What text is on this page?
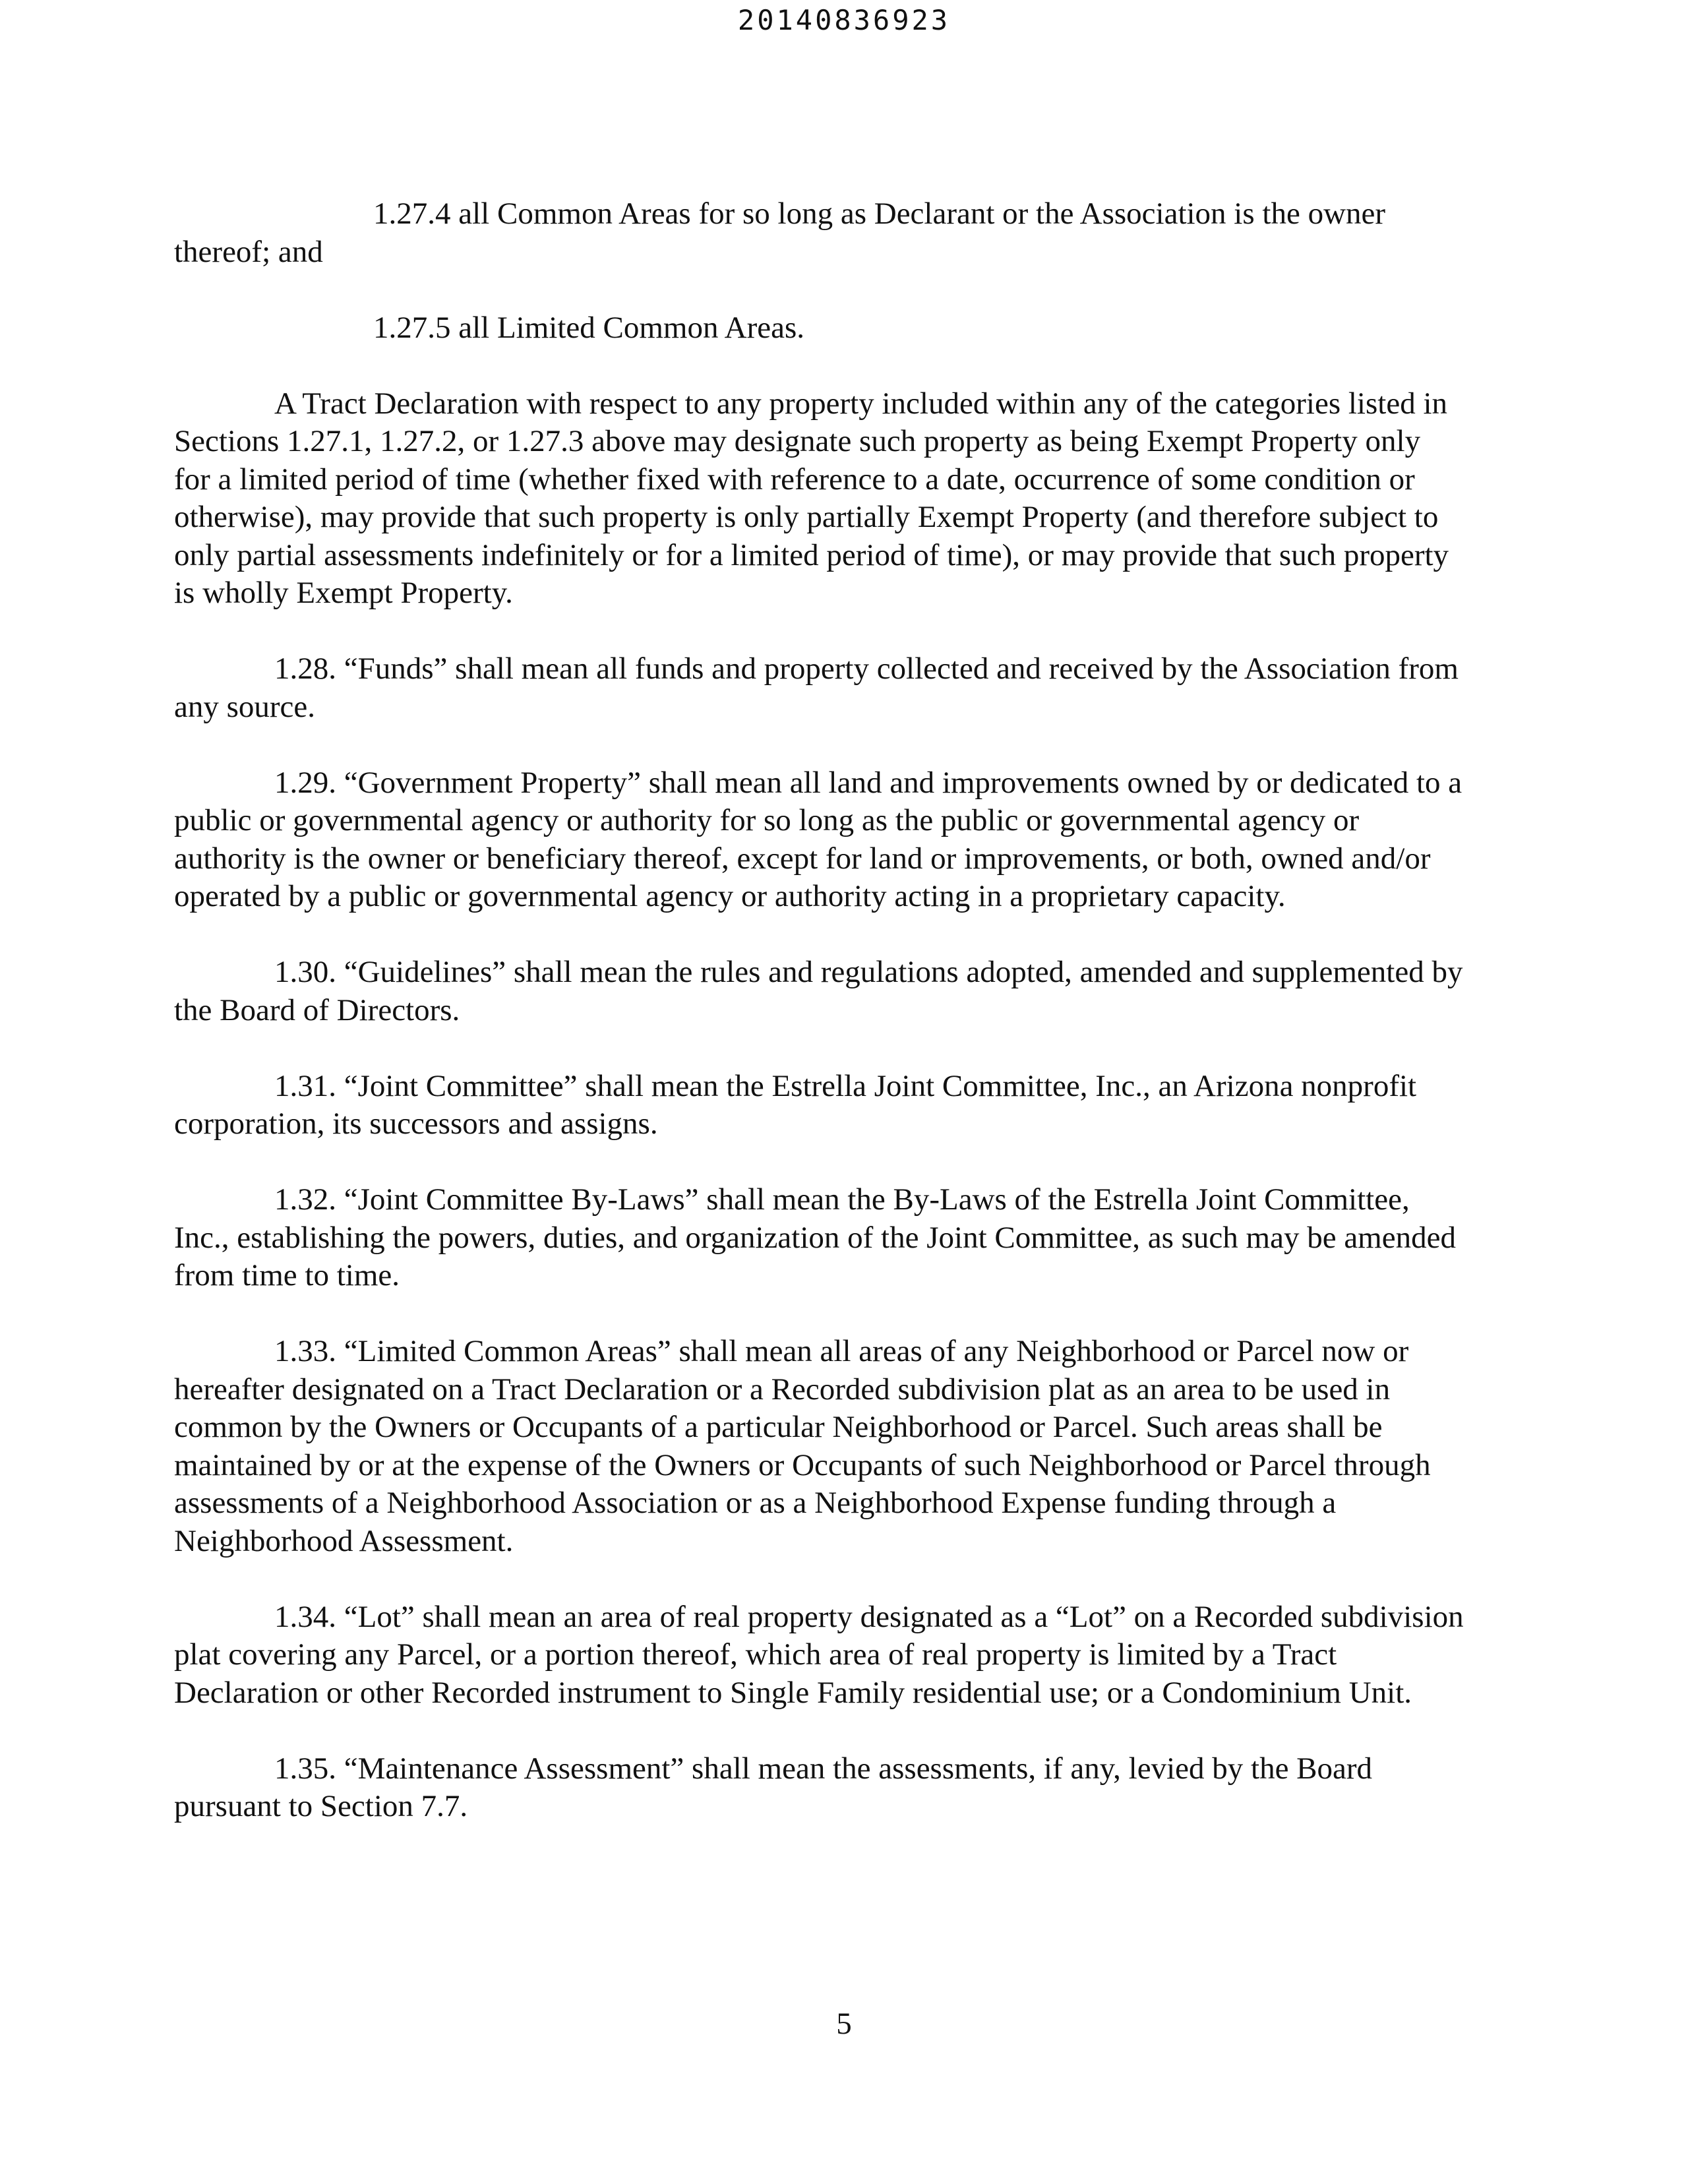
20140836923

1.27.4 all Common Areas for so long as Declarant or the Association is the owner thereof; and

1.27.5 all Limited Common Areas.

A Tract Declaration with respect to any property included within any of the categories listed in Sections 1.27.1, 1.27.2, or 1.27.3 above may designate such property as being Exempt Property only for a limited period of time (whether fixed with reference to a date, occurrence of some condition or otherwise), may provide that such property is only partially Exempt Property (and therefore subject to only partial assessments indefinitely or for a limited period of time), or may provide that such property is wholly Exempt Property.

1.28. “Funds” shall mean all funds and property collected and received by the Association from any source.

1.29. “Government Property” shall mean all land and improvements owned by or dedicated to a public or governmental agency or authority for so long as the public or governmental agency or authority is the owner or beneficiary thereof, except for land or improvements, or both, owned and/or operated by a public or governmental agency or authority acting in a proprietary capacity.

1.30. “Guidelines” shall mean the rules and regulations adopted, amended and supplemented by the Board of Directors.

1.31. “Joint Committee” shall mean the Estrella Joint Committee, Inc., an Arizona nonprofit corporation, its successors and assigns.

1.32. “Joint Committee By-Laws” shall mean the By-Laws of the Estrella Joint Committee, Inc., establishing the powers, duties, and organization of the Joint Committee, as such may be amended from time to time.

1.33. “Limited Common Areas” shall mean all areas of any Neighborhood or Parcel now or hereafter designated on a Tract Declaration or a Recorded subdivision plat as an area to be used in common by the Owners or Occupants of a particular Neighborhood or Parcel. Such areas shall be maintained by or at the expense of the Owners or Occupants of such Neighborhood or Parcel through assessments of a Neighborhood Association or as a Neighborhood Expense funding through a Neighborhood Assessment.

1.34. “Lot” shall mean an area of real property designated as a “Lot” on a Recorded subdivision plat covering any Parcel, or a portion thereof, which area of real property is limited by a Tract Declaration or other Recorded instrument to Single Family residential use; or a Condominium Unit.

1.35. “Maintenance Assessment” shall mean the assessments, if any, levied by the Board pursuant to Section 7.7.

5
